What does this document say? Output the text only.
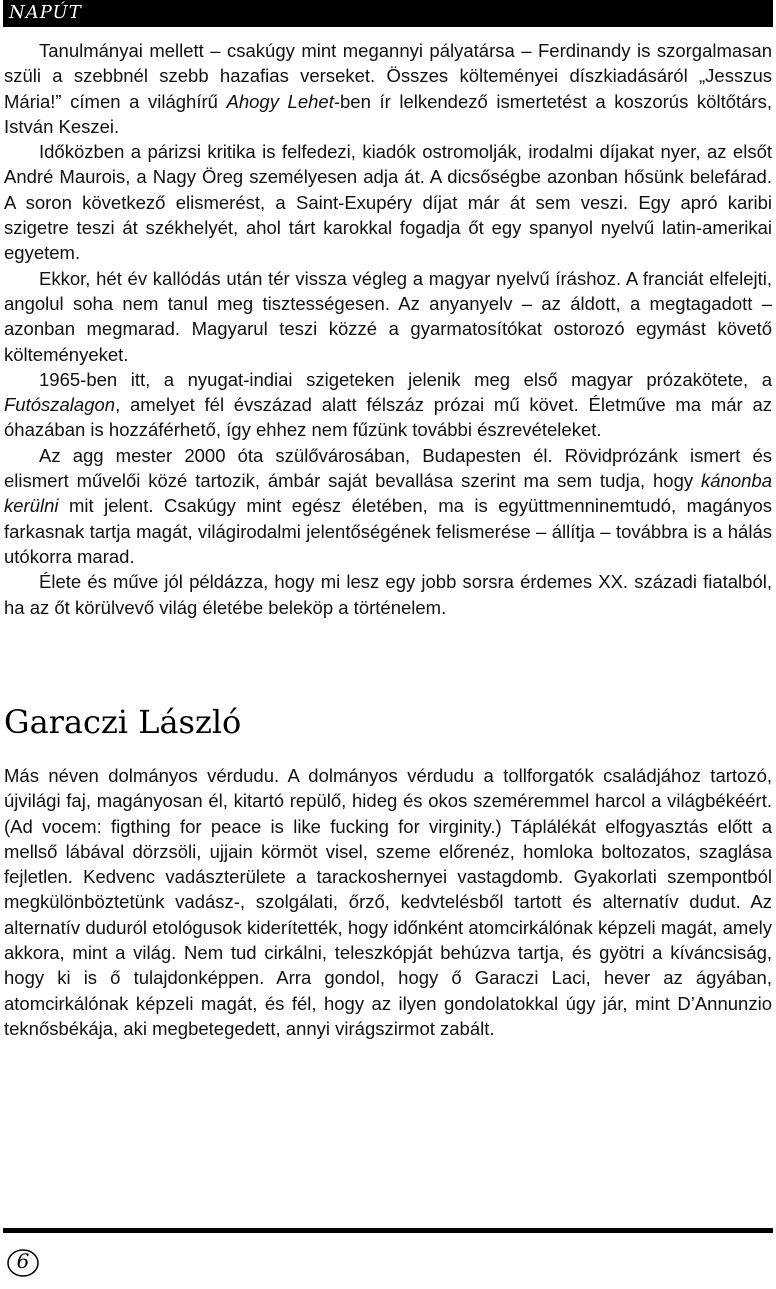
NAPÚT

Tanulmányai mellett – csakúgy mint megannyi pályatársa – Ferdinandy is szorgalmasan szüli a szebbnél szebb hazafias verseket. Összes költeményei díszkiadásáról „Jesszus Mária!” címen a világhírű Ahogy Lehet-ben ír lelkendező ismertetést a koszorús költőtárs, István Keszei.

Időközben a párizsi kritika is felfedezi, kiadók ostromolják, irodalmi díjakat nyer, az elsőt André Maurois, a Nagy Öreg személyesen adja át. A dicsőségbe azonban hősünk belefárad. A soron következő elismerést, a Saint-Exupéry díjat már át sem veszi. Egy apró karibi szigetre teszi át székhelyét, ahol tárt karokkal fogadja őt egy spanyol nyelvű latin-amerikai egyetem.

Ekkor, hét év kallódás után tér vissza végleg a magyar nyelvű íráshoz. A franciát elfelejti, angolul soha nem tanul meg tisztességesen. Az anyanyelv – az áldott, a megtagadott – azonban megmarad. Magyarul teszi közzé a gyarmatosítókat ostorozó egymást követő költeményeket.

1965-ben itt, a nyugat-indiai szigeteken jelenik meg első magyar prózakötete, a Futószalagon, amelyet fél évszázad alatt félszáz prózai mű követ. Életműve ma már az óhazában is hozzáférhető, így ehhez nem fűzünk további észrevételeket.

Az agg mester 2000 óta szülővárosában, Budapesten él. Rövidprózánk ismert és elismert művelői közé tartozik, ámbár saját bevallása szerint ma sem tudja, hogy kánonba kerülni mit jelent. Csakúgy mint egész életében, ma is együttmenninemtudó, magányos farkasnak tartja magát, világirodalmi jelentőségének felismerése – állítja – továbbra is a hálás utókorra marad.

Élete és műve jól példázza, hogy mi lesz egy jobb sorsra érdemes XX. századi fiatalból, ha az őt körülvevő világ életébe beleköp a történelem.

Garaczi László

Más néven dolmányos vérdudu. A dolmányos vérdudu a tollforgatók családjához tartozó, újvilági faj, magányosan él, kitartó repülő, hideg és okos szeméremmel harcol a világbékéért. (Ad vocem: figthing for peace is like fucking for virginity.) Táplálékát elfogyasztás előtt a mellső lábával dörzsöli, ujjain körmöt visel, szeme előrenéz, homloka boltozatos, szaglása fejletlen. Kedvenc vadászterülete a tarackoshernyei vastagdomb. Gyakorlati szempontból megkülönböztetünk vadász-, szolgálati, őrző, kedvtelésből tartott és alternatív dudut. Az alternatív duduról etológusok kiderítették, hogy időnként atomcirkálónak képzeli magát, amely akkora, mint a világ. Nem tud cirkálni, teleszkópját behúzva tartja, és gyötri a kíváncsiság, hogy ki is ő tulajdonképpen. Arra gondol, hogy ő Garaczi Laci, hever az ágyában, atomcirkálónak képzeli magát, és fél, hogy az ilyen gondolatokkal úgy jár, mint D’Annunzio teknősbékája, aki megbetegedett, annyi virágszirmot zabált.

6
